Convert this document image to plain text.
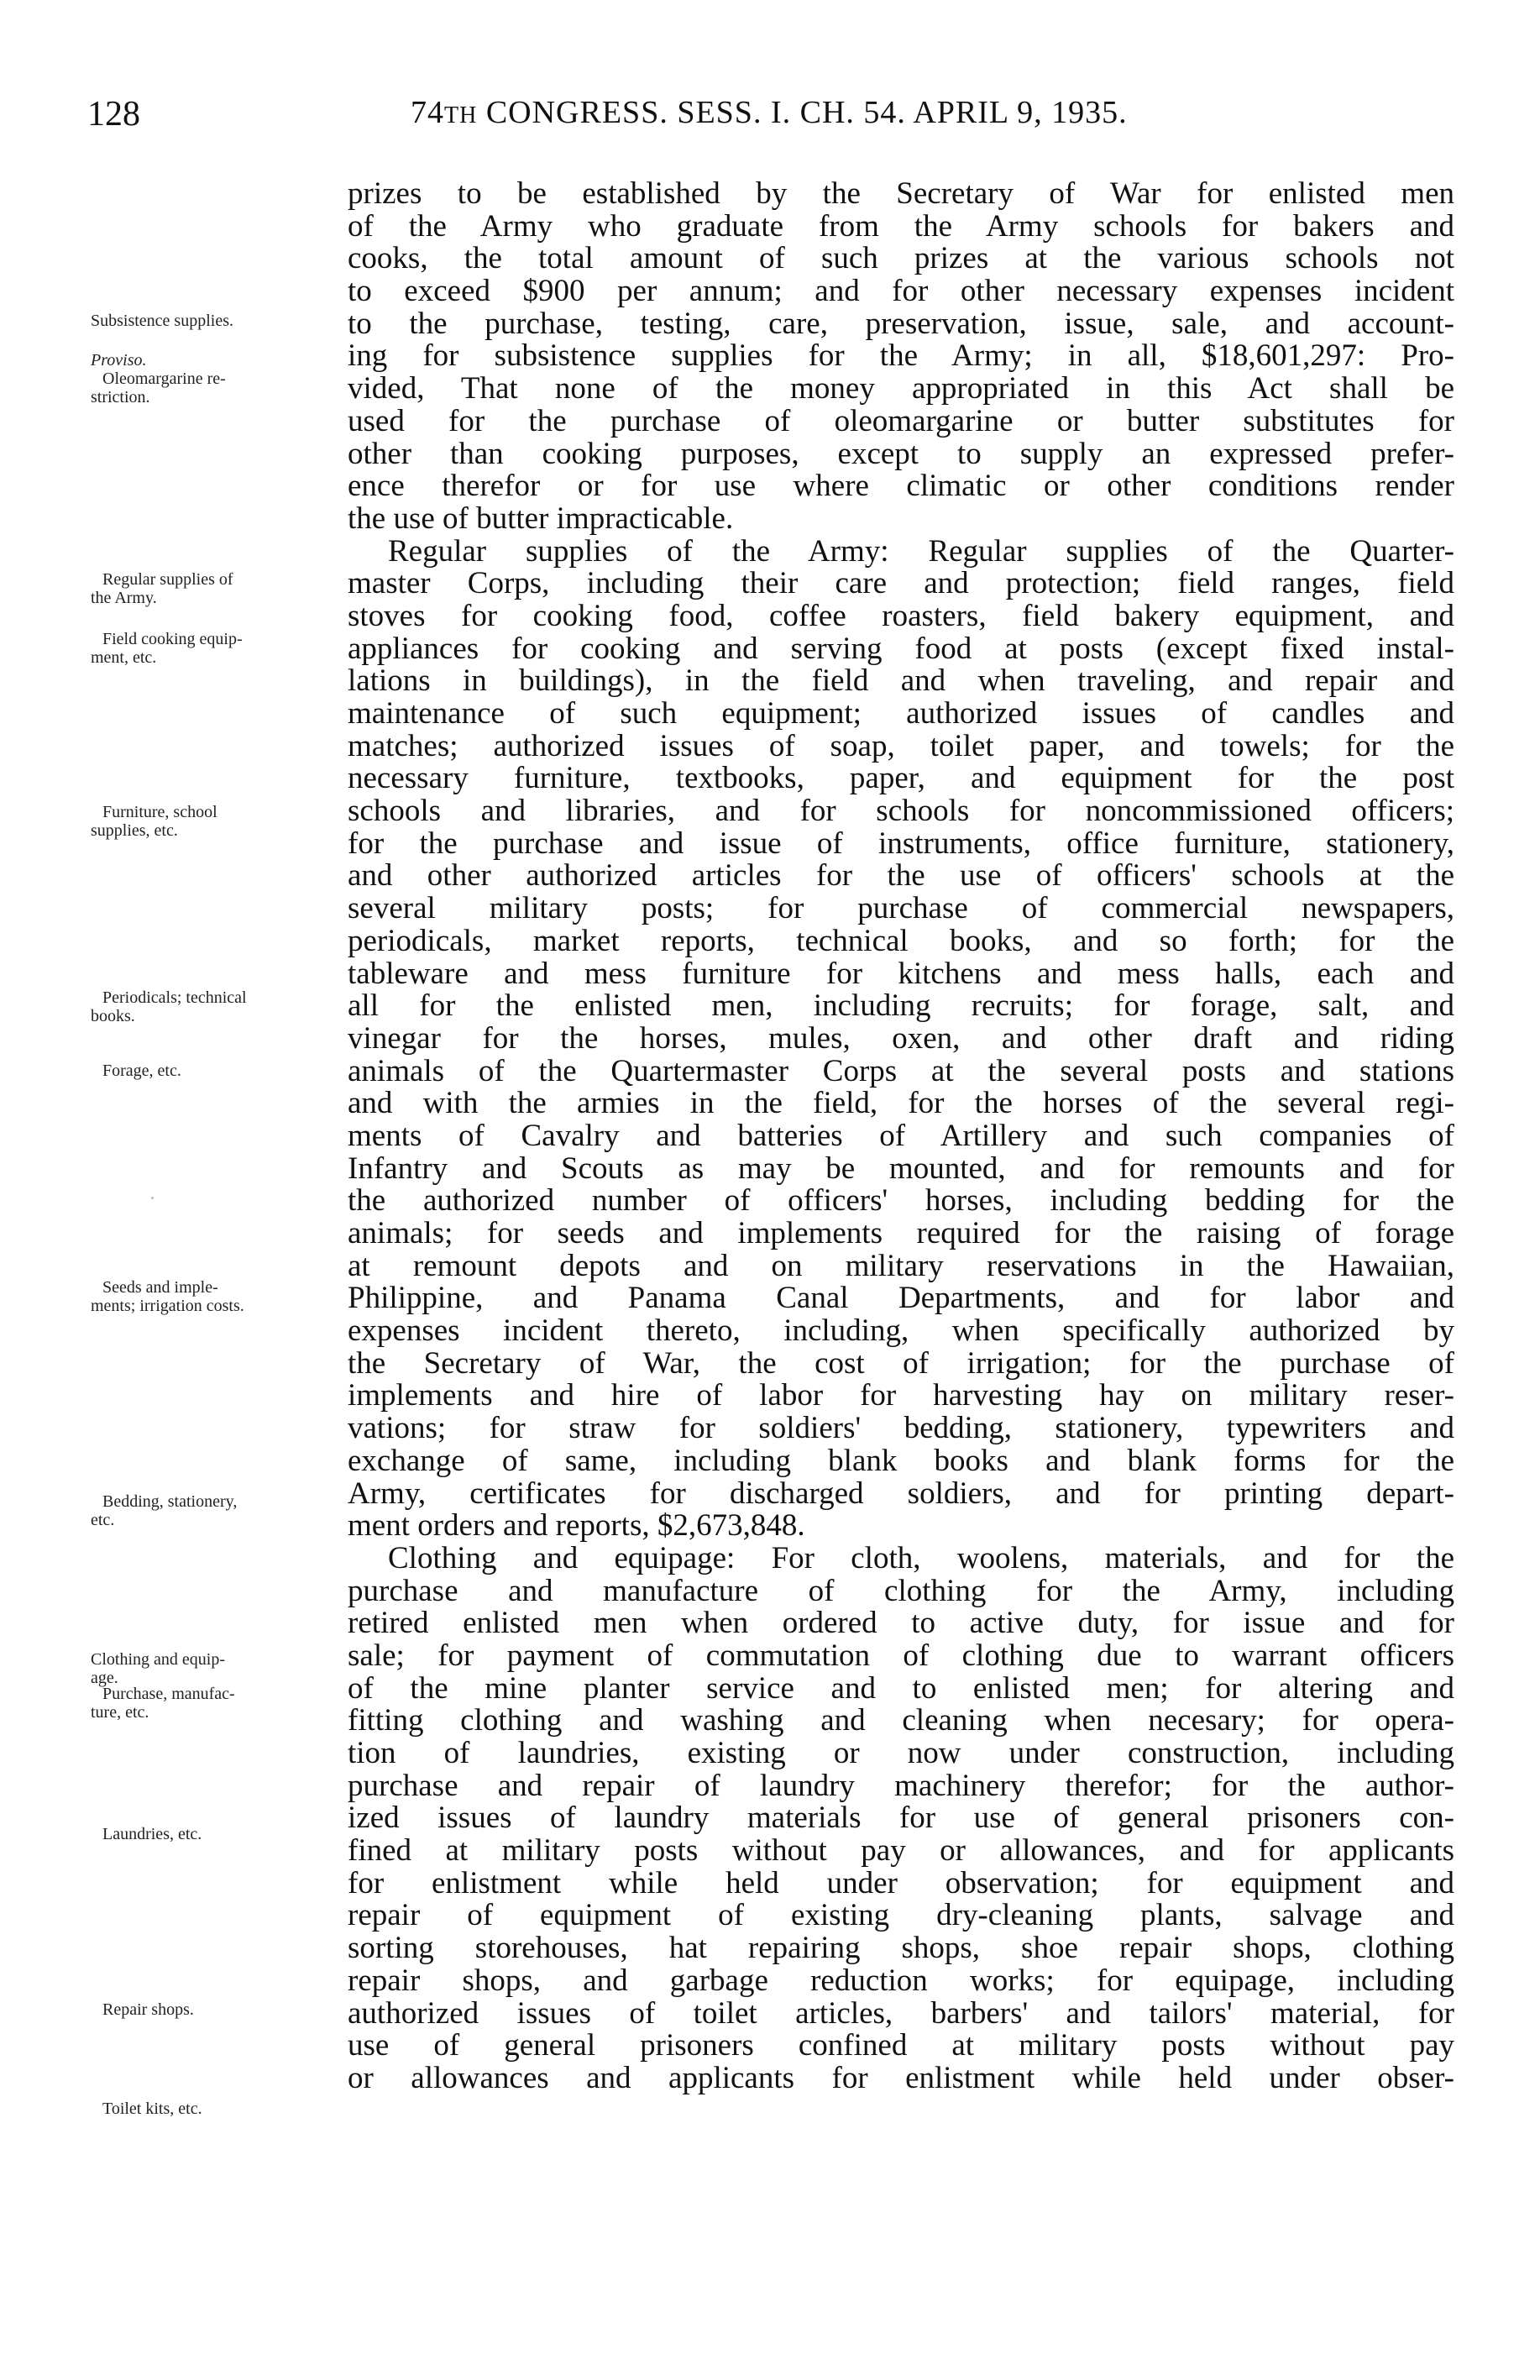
128	74TH CONGRESS. SESS. I. CH. 54. APRIL 9, 1935.
Subsistence supplies.
Proviso.
Oleomargarine re-
striction.
Regular supplies of
the Army.
Field cooking equip-
ment, etc.
Furniture, school
supplies, etc.
Periodicals; technical
books.
Forage, etc.
Seeds and imple-
ments; irrigation costs.
Bedding, stationery,
etc.
Clothing and equip-
age.
Purchase, manufac-
ture, etc.
Laundries, etc.
Repair shops.
Toilet kits, etc.
prizes to be established by the Secretary of War for enlisted men
of the Army who graduate from the Army schools for bakers and
cooks, the total amount of such prizes at the various schools not
to exceed $900 per annum; and for other necessary expenses incident
to the purchase, testing, care, preservation, issue, sale, and account-
ing for subsistence supplies for the Army; in all, $18,601,297: Pro-
vided, That none of the money appropriated in this Act shall be
used for the purchase of oleomargarine or butter substitutes for
other than cooking purposes, except to supply an expressed prefer-
ence therefor or for use where climatic or other conditions render
the use of butter impracticable.
Regular supplies of the Army: Regular supplies of the Quarter-
master Corps, including their care and protection; field ranges, field
stoves for cooking food, coffee roasters, field bakery equipment, and
appliances for cooking and serving food at posts (except fixed instal-
lations in buildings), in the field and when traveling, and repair and
maintenance of such equipment; authorized issues of candles and
matches; authorized issues of soap, toilet paper, and towels; for the
necessary furniture, textbooks, paper, and equipment for the post
schools and libraries, and for schools for noncommissioned officers;
for the purchase and issue of instruments, office furniture, stationery,
and other authorized articles for the use of officers' schools at the
several military posts; for purchase of commercial newspapers,
periodicals, market reports, technical books, and so forth; for the
tableware and mess furniture for kitchens and mess halls, each and
all for the enlisted men, including recruits; for forage, salt, and
vinegar for the horses, mules, oxen, and other draft and riding
animals of the Quartermaster Corps at the several posts and stations
and with the armies in the field, for the horses of the several regi-
ments of Cavalry and batteries of Artillery and such companies of
Infantry and Scouts as may be mounted, and for remounts and for
the authorized number of officers' horses, including bedding for the
animals; for seeds and implements required for the raising of forage
at remount depots and on military reservations in the Hawaiian,
Philippine, and Panama Canal Departments, and for labor and
expenses incident thereto, including, when specifically authorized by
the Secretary of War, the cost of irrigation; for the purchase of
implements and hire of labor for harvesting hay on military reser-
vations; for straw for soldiers' bedding, stationery, typewriters and
exchange of same, including blank books and blank forms for the
Army, certificates for discharged soldiers, and for printing depart-
ment orders and reports, $2,673,848.
Clothing and equipage: For cloth, woolens, materials, and for the
purchase and manufacture of clothing for the Army, including
retired enlisted men when ordered to active duty, for issue and for
sale; for payment of commutation of clothing due to warrant officers
of the mine planter service and to enlisted men; for altering and
fitting clothing and washing and cleaning when necesary; for opera-
tion of laundries, existing or now under construction, including
purchase and repair of laundry machinery therefor; for the author-
ized issues of laundry materials for use of general prisoners con-
fined at military posts without pay or allowances, and for applicants
for enlistment while held under observation; for equipment and
repair of equipment of existing dry-cleaning plants, salvage and
sorting storehouses, hat repairing shops, shoe repair shops, clothing
repair shops, and garbage reduction works; for equipage, including
authorized issues of toilet articles, barbers' and tailors' material, for
use of general prisoners confined at military posts without pay
or allowances and applicants for enlistment while held under obser-
